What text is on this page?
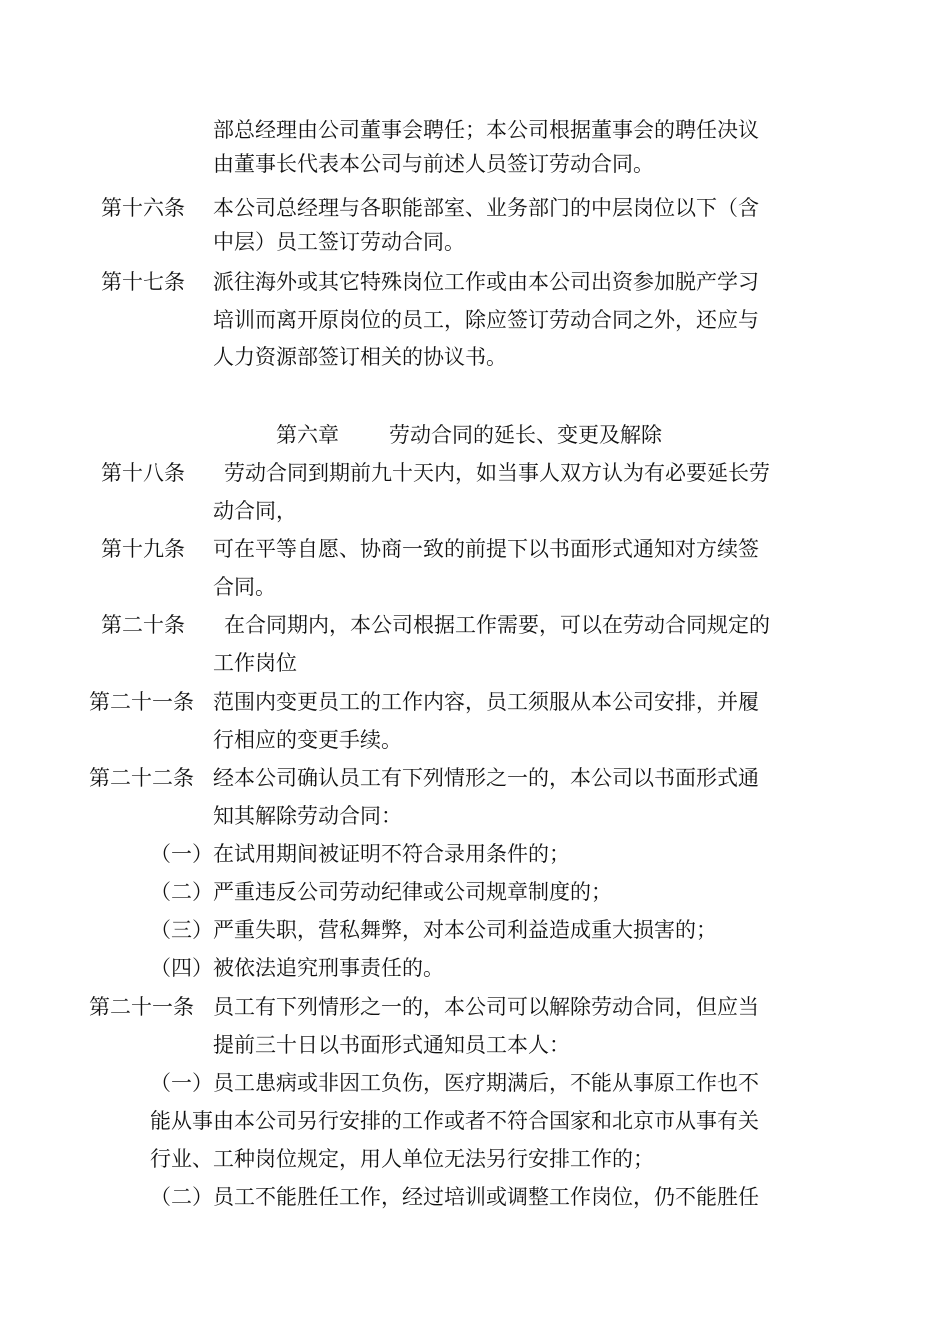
部总经理由公司董事会聘任；本公司根据董事会的聘任决议
由董事长代表本公司与前述人员签订劳动合同。
第十六条 本公司总经理与各职能部室、业务部门的中层岗位以下（含
中层）员工签订劳动合同。
第十七条 派往海外或其它特殊岗位工作或由本公司出资参加脱产学习
培训而离开原岗位的员工，除应签订劳动合同之外，还应与
人力资源部签订相关的协议书。
第六章 劳动合同的延长、变更及解除
第十八条 劳动合同到期前九十天内，如当事人双方认为有必要延长劳
动合同，
第十九条 可在平等自愿、协商一致的前提下以书面形式通知对方续签
合同。
第二十条 在合同期内，本公司根据工作需要，可以在劳动合同规定的
工作岗位
第二十一条 范围内变更员工的工作内容，员工须服从本公司安排，并履
行相应的变更手续。
第二十二条 经本公司确认员工有下列情形之一的，本公司以书面形式通
知其解除劳动合同：
（一）在试用期间被证明不符合录用条件的；
（二）严重违反公司劳动纪律或公司规章制度的；
（三）严重失职，营私舞弊，对本公司利益造成重大损害的；
（四）被依法追究刑事责任的。
第二十一条 员工有下列情形之一的，本公司可以解除劳动合同，但应当
提前三十日以书面形式通知员工本人：
（一）员工患病或非因工负伤，医疗期满后，不能从事原工作也不
能从事由本公司另行安排的工作或者不符合国家和北京市从事有关
行业、工种岗位规定，用人单位无法另行安排工作的；
（二）员工不能胜任工作，经过培训或调整工作岗位，仍不能胜任
